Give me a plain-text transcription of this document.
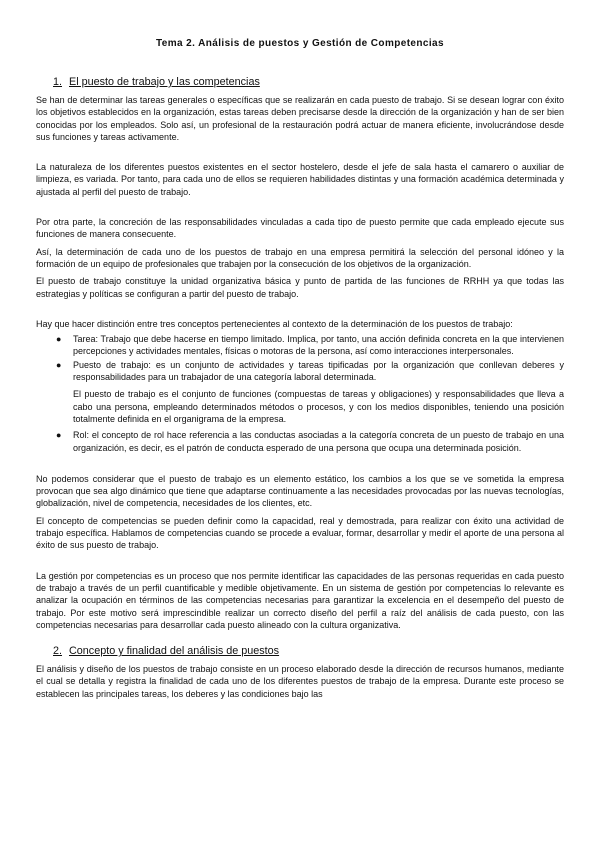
Tema 2. Análisis de puestos y Gestión de Competencias
1. El puesto de trabajo y las competencias

Se han de determinar las tareas generales o específicas que se realizarán en cada puesto de trabajo. Si se desean lograr con éxito los objetivos establecidos en la organización, estas tareas deben precisarse desde la dirección de la organización y han de ser bien conocidas por los empleados. Solo así, un profesional de la restauración podrá actuar de manera eficiente, involucrándose desde sus funciones y tareas activamente.

La naturaleza de los diferentes puestos existentes en el sector hostelero, desde el jefe de sala hasta el camarero o auxiliar de limpieza, es variada. Por tanto, para cada uno de ellos se requieren habilidades distintas y una formación académica determinada y ajustada al perfil del puesto de trabajo.

Por otra parte, la concreción de las responsabilidades vinculadas a cada tipo de puesto permite que cada empleado ejecute sus funciones de manera consecuente.

Así, la determinación de cada uno de los puestos de trabajo en una empresa permitirá la selección del personal idóneo y la formación de un equipo de profesionales que trabajen por la consecución de los objetivos de la organización.

El puesto de trabajo constituye la unidad organizativa básica y punto de partida de las funciones de RRHH ya que todas las estrategias y políticas se configuran a partir del puesto de trabajo.

Hay que hacer distinción entre tres conceptos pertenecientes al contexto de la determinación de los puestos de trabajo:

● Tarea: Trabajo que debe hacerse en tiempo limitado. Implica, por tanto, una acción definida concreta en la que intervienen percepciones y actividades mentales, físicas o motoras de la persona, así como interacciones interpersonales.
● Puesto de trabajo: es un conjunto de actividades y tareas tipificadas por la organización que conllevan deberes y responsabilidades para un trabajador de una categoría laboral determinada.

El puesto de trabajo es el conjunto de funciones (compuestas de tareas y obligaciones) y responsabilidades que lleva a cabo una persona, empleando determinados métodos o procesos, y con los medios disponibles, teniendo una posición totalmente definida en el organigrama de la empresa.

● Rol: el concepto de rol hace referencia a las conductas asociadas a la categoría concreta de un puesto de trabajo en una organización, es decir, es el patrón de conducta esperado de una persona que ocupa una determinada posición.

No podemos considerar que el puesto de trabajo es un elemento estático, los cambios a los que se ve sometida la empresa provocan que sea algo dinámico que tiene que adaptarse continuamente a las necesidades provocadas por las nuevas tecnologías, globalización, nivel de competencia, necesidades de los clientes, etc.

El concepto de competencias se pueden definir como la capacidad, real y demostrada, para realizar con éxito una actividad de trabajo específica. Hablamos de competencias cuando se procede a evaluar, formar, desarrollar y medir el aporte de una persona al éxito de sus puesto de trabajo.

La gestión por competencias es un proceso que nos permite identificar las capacidades de las personas requeridas en cada puesto de trabajo a través de un perfil cuantificable y medible objetivamente. En un sistema de gestión por competencias lo relevante es analizar la ocupación en términos de las competencias necesarias para garantizar la excelencia en el desempeño del puesto de trabajo. Por este motivo será imprescindible realizar un correcto diseño del perfil a raíz del análisis de cada puesto, con las competencias necesarias para desarrollar cada puesto alineado con la cultura organizativa.

2. Concepto y finalidad del análisis de puestos

El análisis y diseño de los puestos de trabajo consiste en un proceso elaborado desde la dirección de recursos humanos, mediante el cual se detalla y registra la finalidad de cada uno de los diferentes puestos de trabajo de la empresa. Durante este proceso se establecen las principales tareas, los deberes y las condiciones bajo las
